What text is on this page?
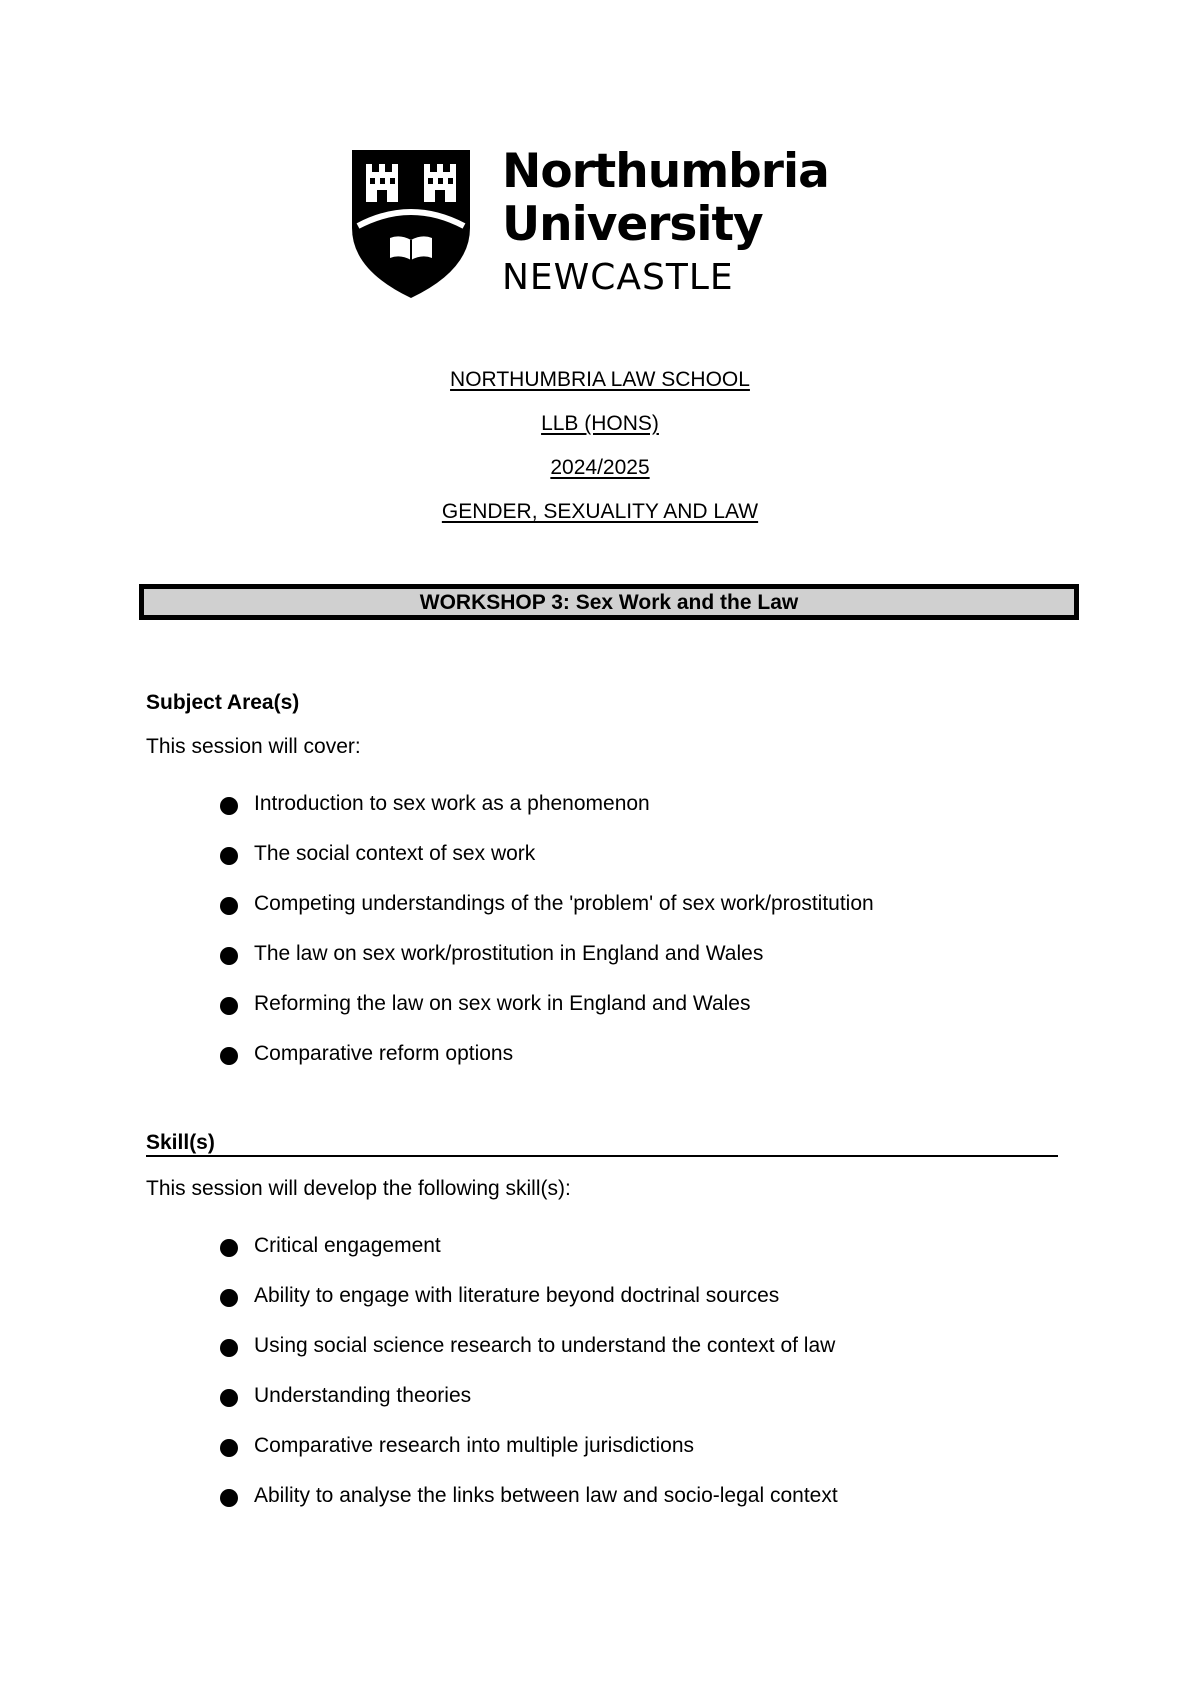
Northumbria
University
NEWCASTLE
NORTHUMBRIA LAW SCHOOL
LLB (HONS)
2024/2025
GENDER, SEXUALITY AND LAW
WORKSHOP 3: Sex Work and the Law
Subject Area(s)
This session will cover:
Introduction to sex work as a phenomenon
The social context of sex work
Competing understandings of the 'problem' of sex work/prostitution
The law on sex work/prostitution in England and Wales
Reforming the law on sex work in England and Wales
Comparative reform options
Skill(s)
This session will develop the following skill(s):
Critical engagement
Ability to engage with literature beyond doctrinal sources
Using social science research to understand the context of law
Understanding theories
Comparative research into multiple jurisdictions
Ability to analyse the links between law and socio-legal context
